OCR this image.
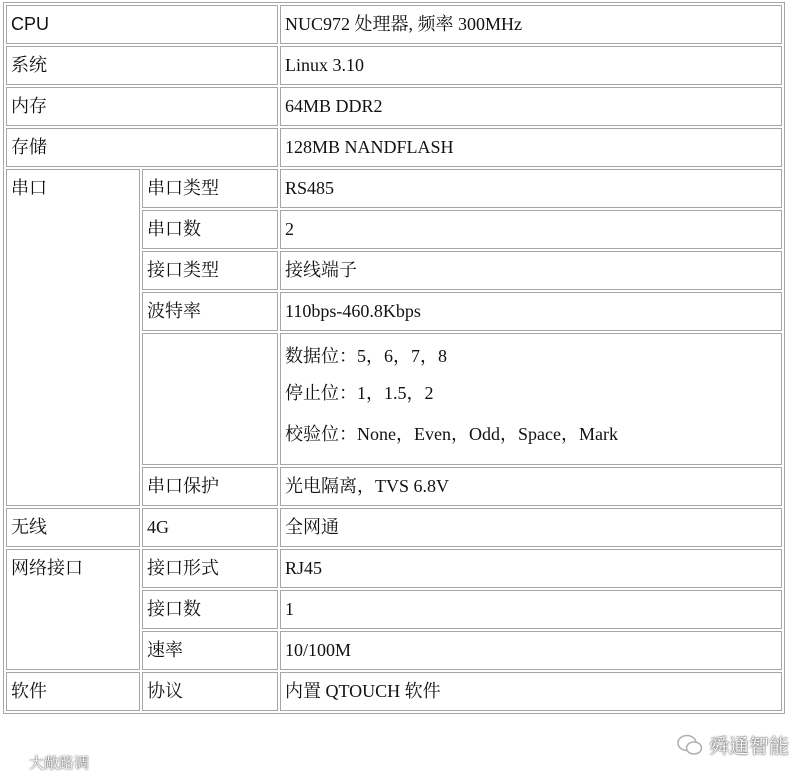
CPU		NUC972 处理器, 频率 300MHz
系统		Linux 3.10
内存		64MB DDR2
存储		128MB NANDFLASH
串口	串口类型	RS485
	串口数	2
	接口类型	接线端子
	波特率	110bps-460.8Kbps

		数据位：5，6，7，8
停止位：1，1.5，2
校验位：None，Even，Odd，Space，Mark

	串口保护	光电隔离，TVS 6.8V
无线	4G	全网通
网络接口	接口形式	RJ45
	接口数	1
	速率	10/100M
软件	协议	内置 QTOUCH 软件
大敞路调
舜通智能
